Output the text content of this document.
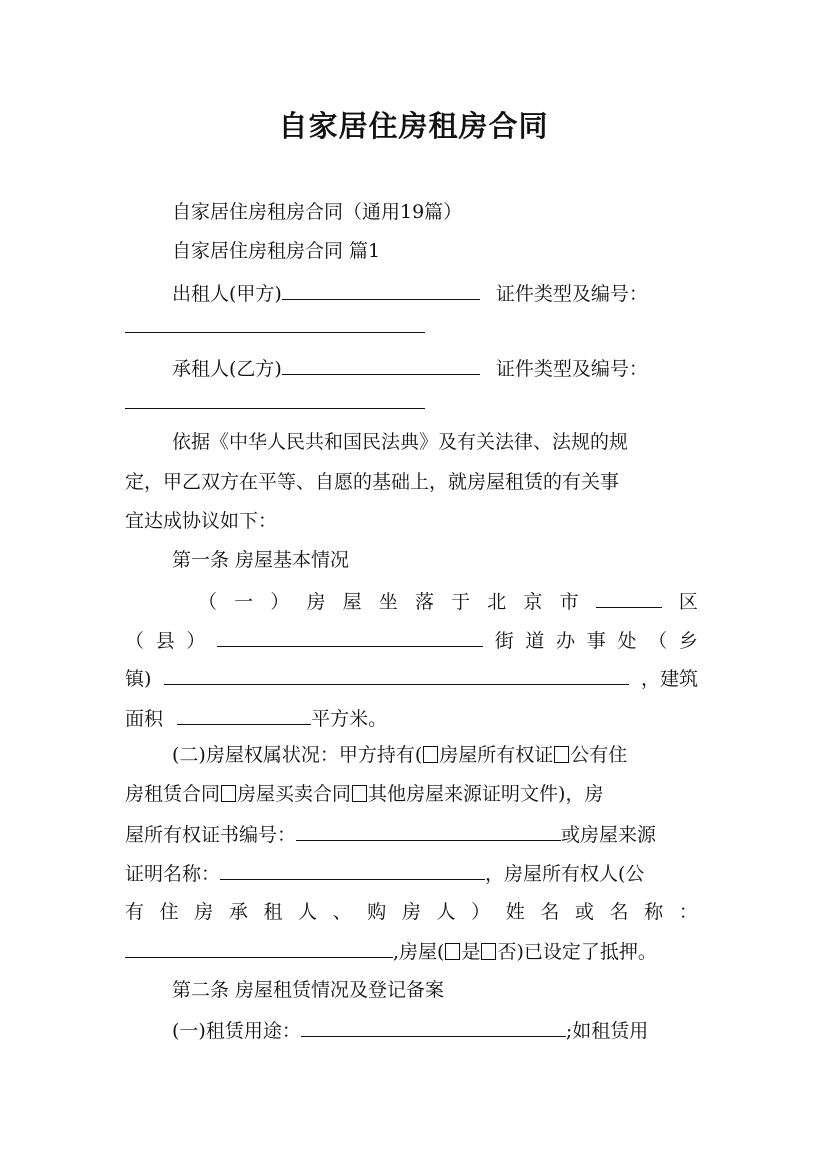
自家居住房租房合同
自家居住房租房合同（通用19篇）
自家居住房租房合同 篇1
出租人(甲方)	证件类型及编号：
承租人(乙方)	证件类型及编号：
依据《中华人民共和国民法典》及有关法律、法规的规
定，甲乙双方在平等、自愿的基础上，就房屋租赁的有关事
宜达成协议如下：
第一条 房屋基本情况
（ 一 ） 房 屋 坐 落 于 北 京 市	区
（ 县 ）	街 道 办 事 处 （ 乡
镇)	，建筑
面积	平方米。
(二)房屋权属状况：甲方持有( 房屋所有权证 公有住
房租赁合同 房屋买卖合同 其他房屋来源证明文件)，房
屋所有权证书编号：	或房屋来源
证明名称：	，房屋所有权人(公
有 住 房 承 租 人 、 购 房 人 ） 姓 名 或 名 称 ：
,房屋( 是 否)已设定了抵押。
第二条 房屋租赁情况及登记备案
(一)租赁用途：	;如租赁用
